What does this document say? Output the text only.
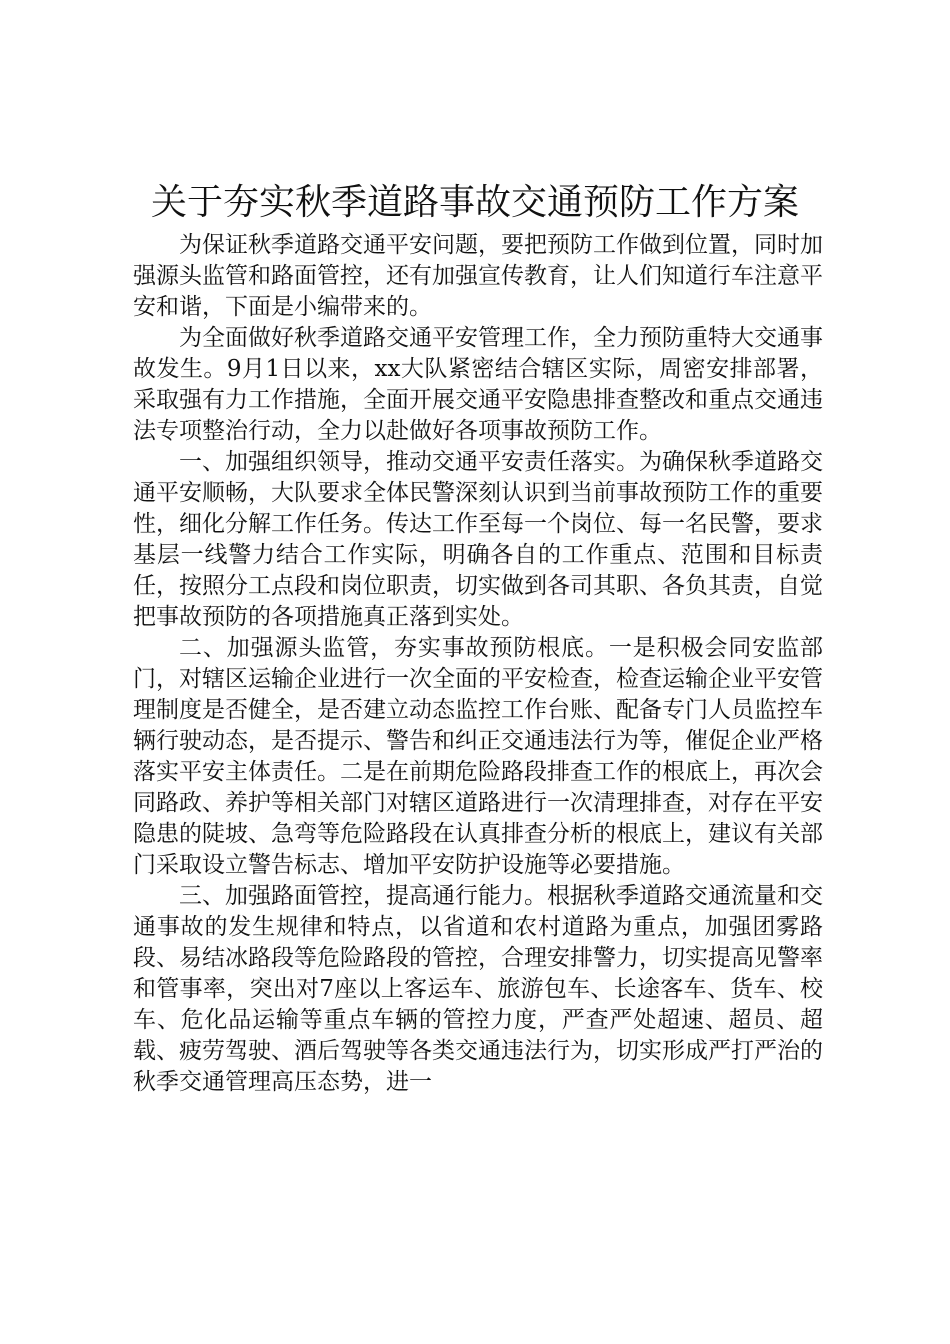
关于夯实秋季道路事故交通预防工作方案

为保证秋季道路交通平安问题，要把预防工作做到位置，同时加强源头监管和路面管控，还有加强宣传教育，让人们知道行车注意平安和谐，下面是小编带来的。

为全面做好秋季道路交通平安管理工作，全力预防重特大交通事故发生。9月1日以来，xx大队紧密结合辖区实际，周密安排部署，采取强有力工作措施，全面开展交通平安隐患排查整改和重点交通违法专项整治行动，全力以赴做好各项事故预防工作。

一、加强组织领导，推动交通平安责任落实。为确保秋季道路交通平安顺畅，大队要求全体民警深刻认识到当前事故预防工作的重要性，细化分解工作任务。传达工作至每一个岗位、每一名民警，要求基层一线警力结合工作实际，明确各自的工作重点、范围和目标责任，按照分工点段和岗位职责，切实做到各司其职、各负其责，自觉把事故预防的各项措施真正落到实处。

二、加强源头监管，夯实事故预防根底。一是积极会同安监部门，对辖区运输企业进行一次全面的平安检查，检查运输企业平安管理制度是否健全，是否建立动态监控工作台账、配备专门人员监控车辆行驶动态，是否提示、警告和纠正交通违法行为等，催促企业严格落实平安主体责任。二是在前期危险路段排查工作的根底上，再次会同路政、养护等相关部门对辖区道路进行一次清理排查，对存在平安隐患的陡坡、急弯等危险路段在认真排查分析的根底上，建议有关部门采取设立警告标志、增加平安防护设施等必要措施。

三、加强路面管控，提高通行能力。根据秋季道路交通流量和交通事故的发生规律和特点，以省道和农村道路为重点，加强团雾路段、易结冰路段等危险路段的管控，合理安排警力，切实提高见警率和管事率，突出对7座以上客运车、旅游包车、长途客车、货车、校车、危化品运输等重点车辆的管控力度，严查严处超速、超员、超载、疲劳驾驶、酒后驾驶等各类交通违法行为，切实形成严打严治的秋季交通管理高压态势，进一
